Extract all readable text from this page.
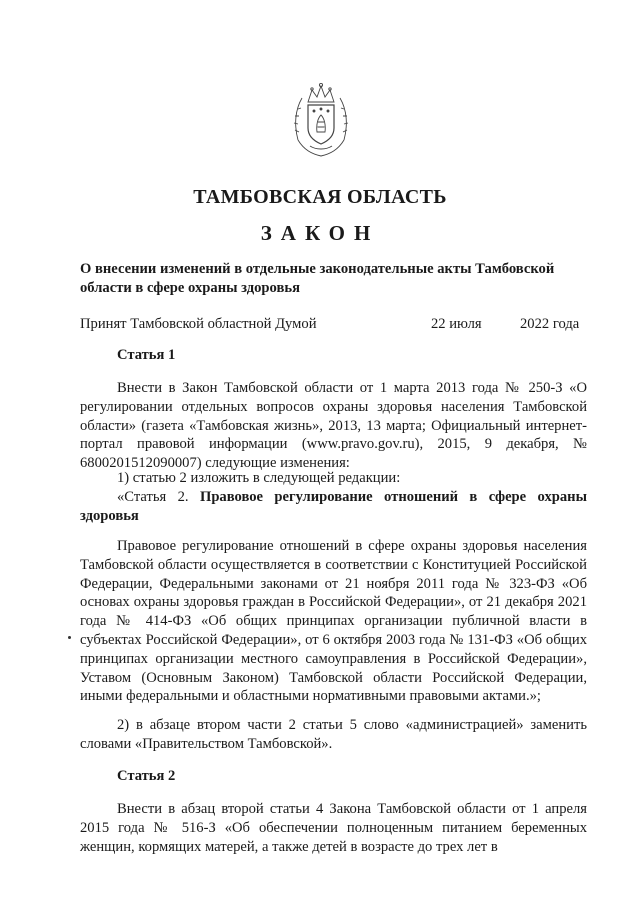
ТАМБОВСКАЯ ОБЛАСТЬ
ЗАКОН
О внесении изменений в отдельные законодательные акты Тамбовской области в сфере охраны здоровья
Принят Тамбовской областной Думой	22 июля	2022 года
Статья 1
Внести в Закон Тамбовской области от 1 марта 2013 года № 250-З «О регулировании отдельных вопросов охраны здоровья населения Тамбовской области» (газета «Тамбовская жизнь», 2013, 13 марта; Официальный интернет-портал правовой информации (www.pravo.gov.ru), 2015, 9 декабря, № 6800201512090007) следующие изменения:
1) статью 2 изложить в следующей редакции:
«Статья 2. Правовое регулирование отношений в сфере охраны здоровья
Правовое регулирование отношений в сфере охраны здоровья населения Тамбовской области осуществляется в соответствии с Конституцией Российской Федерации, Федеральными законами от 21 ноября 2011 года № 323-ФЗ «Об основах охраны здоровья граждан в Российской Федерации», от 21 декабря 2021 года № 414-ФЗ «Об общих принципах организации публичной власти в субъектах Российской Федерации», от 6 октября 2003 года № 131-ФЗ «Об общих принципах организации местного самоуправления в Российской Федерации», Уставом (Основным Законом) Тамбовской области Российской Федерации, иными федеральными и областными нормативными правовыми актами.»;
2) в абзаце втором части 2 статьи 5 слово «администрацией» заменить словами «Правительством Тамбовской».
Статья 2
Внести в абзац второй статьи 4 Закона Тамбовской области от 1 апреля 2015 года № 516-З «Об обеспечении полноценным питанием беременных женщин, кормящих матерей, а также детей в возрасте до трех лет в
